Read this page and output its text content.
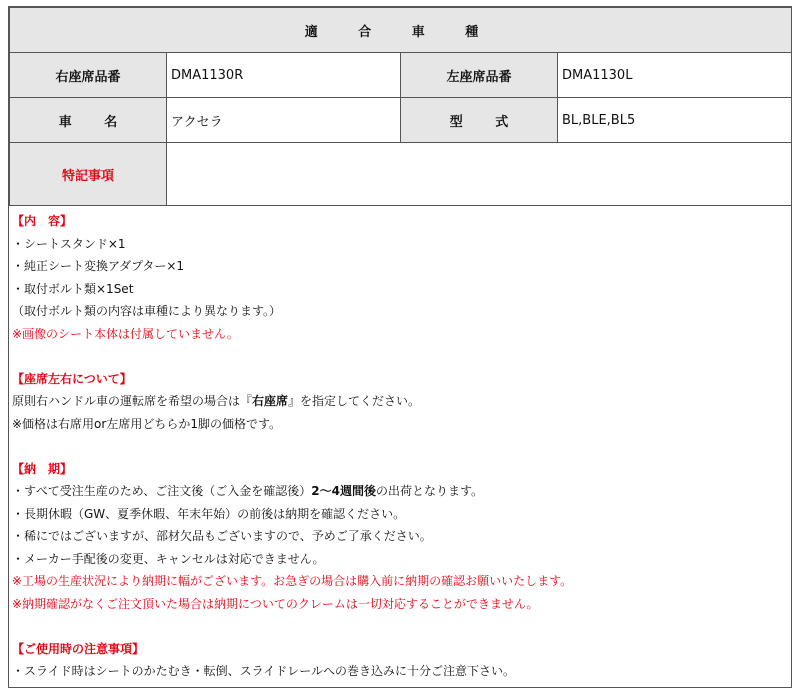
適 合 車 種			
右座席品番	DMA1130R	左座席品番	DMA1130L
車 名	アクセラ	型 式	BL,BLE,BL5
特記事項			
【内　容】
・シートスタンド×1
・純正シート変換アダプター×1
・取付ボルト類×1Set
（取付ボルト類の内容は車種により異なります。）
※画像のシート本体は付属していません。
【座席左右について】
原則右ハンドル車の運転席を希望の場合は『右座席』を指定してください。
※価格は右席用or左席用どちらか1脚の価格です。
【納　期】
・すべて受注生産のため、ご注文後（ご入金を確認後）2～4週間後の出荷となります。
・長期休暇（GW、夏季休暇、年末年始）の前後は納期を確認ください。
・稀にではございますが、部材欠品もございますので、予めご了承ください。
・メーカー手配後の変更、キャンセルは対応できません。
※工場の生産状況により納期に幅がございます。お急ぎの場合は購入前に納期の確認お願いいたします。
※納期確認がなくご注文頂いた場合は納期についてのクレームは一切対応することができません。
【ご使用時の注意事項】
・スライド時はシートのかたむき・転倒、スライドレールへの巻き込みに十分ご注意下さい。
